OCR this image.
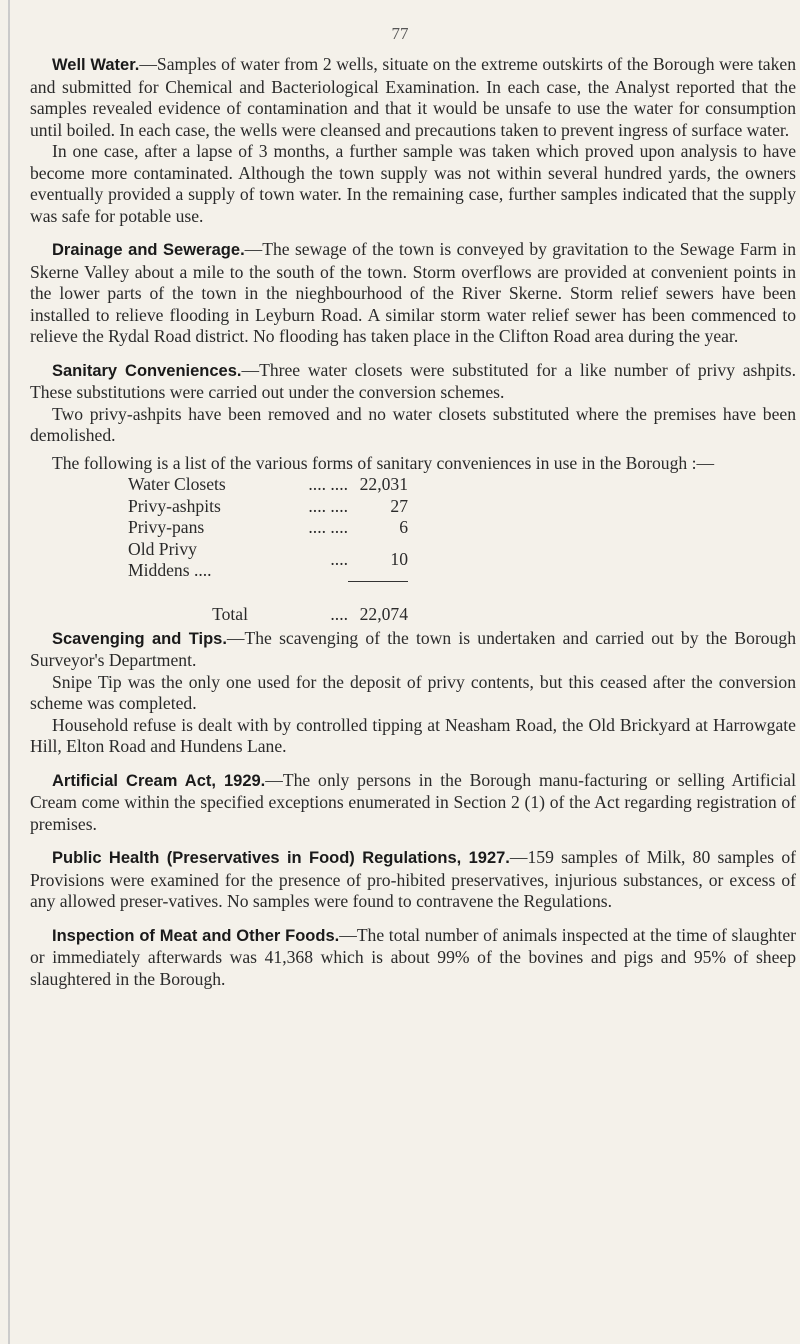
77

Well Water.—Samples of water from 2 wells, situate on the extreme outskirts of the Borough were taken and submitted for Chemical and Bacteriological Examination. In each case, the Analyst reported that the samples revealed evidence of contamination and that it would be unsafe to use the water for consumption until boiled. In each case, the wells were cleansed and precautions taken to prevent ingress of surface water.

In one case, after a lapse of 3 months, a further sample was taken which proved upon analysis to have become more contaminated. Although the town supply was not within several hundred yards, the owners eventually provided a supply of town water. In the remaining case, further samples indicated that the supply was safe for potable use.

Drainage and Sewerage.—The sewage of the town is conveyed by gravitation to the Sewage Farm in Skerne Valley about a mile to the south of the town. Storm overflows are provided at convenient points in the lower parts of the town in the nieghbourhood of the River Skerne. Storm relief sewers have been installed to relieve flooding in Leyburn Road. A similar storm water relief sewer has been commenced to relieve the Rydal Road district. No flooding has taken place in the Clifton Road area during the year.

Sanitary Conveniences.—Three water closets were substituted for a like number of privy ashpits. These substitutions were carried out under the conversion schemes.

Two privy-ashpits have been removed and no water closets substituted where the premises have been demolished.

The following is a list of the various forms of sanitary conveniences in use in the Borough :—

Water Closets	.... ....	22,031
Privy-ashpits	.... ....	27
Privy-pans	.... ....	6
Old Privy Middens ....	....	10

Total	....	22,074

Scavenging and Tips.—The scavenging of the town is undertaken and carried out by the Borough Surveyor's Department.

Snipe Tip was the only one used for the deposit of privy contents, but this ceased after the conversion scheme was completed.

Household refuse is dealt with by controlled tipping at Neasham Road, the Old Brickyard at Harrowgate Hill, Elton Road and Hundens Lane.

Artificial Cream Act, 1929.—The only persons in the Borough manu-facturing or selling Artificial Cream come within the specified exceptions enumerated in Section 2 (1) of the Act regarding registration of premises.

Public Health (Preservatives in Food) Regulations, 1927.—159 samples of Milk, 80 samples of Provisions were examined for the presence of pro-hibited preservatives, injurious substances, or excess of any allowed preser-vatives. No samples were found to contravene the Regulations.

Inspection of Meat and Other Foods.—The total number of animals inspected at the time of slaughter or immediately afterwards was 41,368 which is about 99% of the bovines and pigs and 95% of sheep slaughtered in the Borough.
